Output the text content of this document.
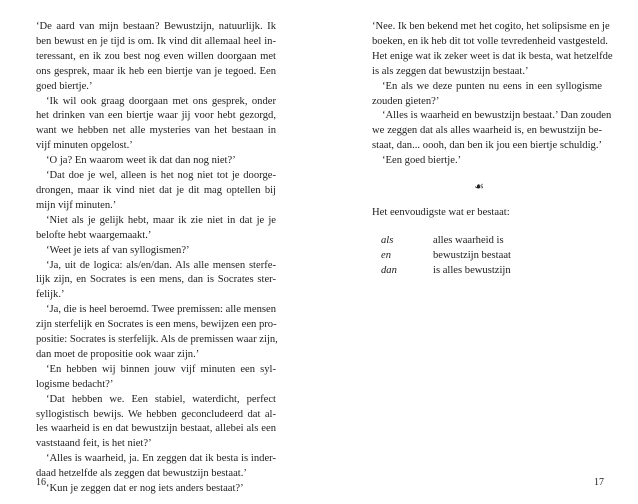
‘De aard van mijn bestaan? Bewustzijn, natuurlijk. Ik
ben bewust en je tijd is om. Ik vind dit allemaal heel in-
teressant, en ik zou best nog even willen doorgaan met
ons gesprek, maar ik heb een biertje van je tegoed. Een
goed biertje.’
‘Ik wil ook graag doorgaan met ons gesprek, onder
het drinken van een biertje waar jij voor hebt gezorgd,
want we hebben net alle mysteries van het bestaan in
vijf minuten opgelost.’
‘O ja? En waarom weet ik dat dan nog niet?’
‘Dat doe je wel, alleen is het nog niet tot je doorge-
drongen, maar ik vind niet dat je dit mag optellen bij
mijn vijf minuten.’
‘Niet als je gelijk hebt, maar ik zie niet in dat je je
belofte hebt waargemaakt.’
‘Weet je iets af van syllogismen?’
‘Ja, uit de logica: als/en/dan. Als alle mensen sterfe-
lijk zijn, en Socrates is een mens, dan is Socrates ster-
felijk.’
‘Ja, die is heel beroemd. Twee premissen: alle mensen
zijn sterfelijk en Socrates is een mens, bewijzen een pro-
positie: Socrates is sterfelijk. Als de premissen waar zijn,
dan moet de propositie ook waar zijn.’
‘En hebben wij binnen jouw vijf minuten een syl-
logisme bedacht?’
‘Dat hebben we. Een stabiel, waterdicht, perfect
syllogistisch bewijs. We hebben geconcludeerd dat al-
les waarheid is en dat bewustzijn bestaat, allebei als een
vaststaand feit, is het niet?’
‘Alles is waarheid, ja. En zeggen dat ik besta is inder-
daad hetzelfde als zeggen dat bewustzijn bestaat.’
‘Kun je zeggen dat er nog iets anders bestaat?’
16
‘Nee. Ik ben bekend met het cogito, het solipsisme en je
boeken, en ik heb dit tot volle tevredenheid vastgesteld.
Het enige wat ik zeker weet is dat ik besta, wat hetzelfde
is als zeggen dat bewustzijn bestaat.’
‘En als we deze punten nu eens in een syllogisme
zouden gieten?’
‘Alles is waarheid en bewustzijn bestaat.’ Dan zouden
we zeggen dat als alles waarheid is, en bewustzijn be-
staat, dan... oooh, dan ben ik jou een biertje schuldig.’
‘Een goed biertje.’
☙
Het eenvoudigste wat er bestaat:
als	alles waarheid is
en	bewustzijn bestaat
dan	is alles bewustzijn
17
